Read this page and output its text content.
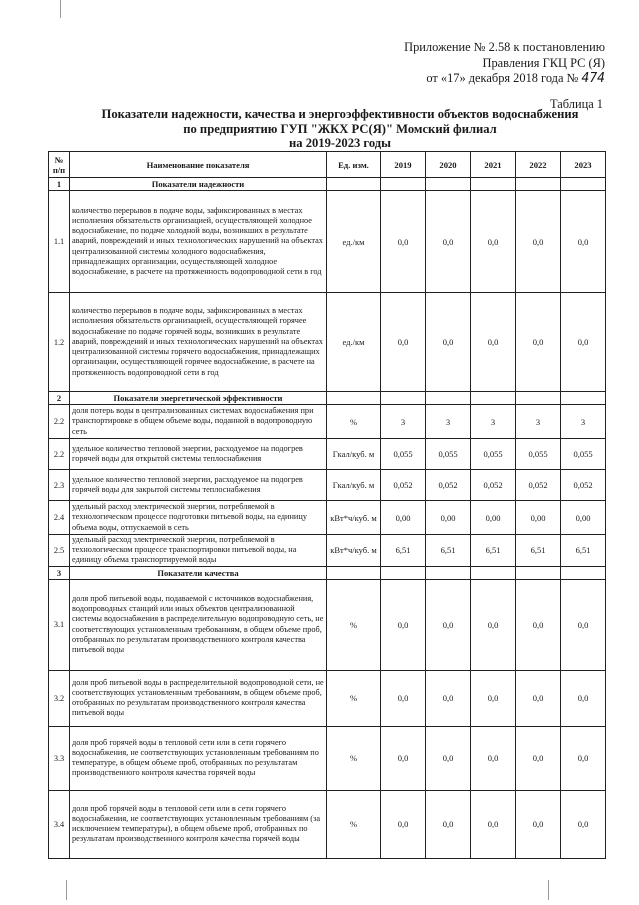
Приложение № 2.58 к постановлению
Правления ГКЦ РС (Я)
от «17» декабря 2018 года № 474
Таблица 1
Показатели надежности, качества и энергоэффективности объектов водоснабжения
по предприятию ГУП "ЖКХ РС(Я)" Момский филиал
на 2019-2023 годы
№ п/п	Наименование показателя	Ед. изм.	2019	2020	2021	2022	2023
1	Показатели надежности						
1.1	количество перерывов в подаче воды, зафиксированных в местах исполнения обязательств организацией, осуществляющей холодное водоснабжение, по подаче холодной воды, возникших в результате аварий, повреждений и иных технологических нарушений на объектах централизованной системы холодного водоснабжения, принадлежащих организации, осуществляющей холодное водоснабжение, в расчете на протяженность водопроводной сети в год	ед./км	0,0	0,0	0,0	0,0	0,0
1.2	количество перерывов в подаче воды, зафиксированных в местах исполнения обязательств организацией, осуществляющей горячее водоснабжение по подаче горячей воды, возникших в результате аварий, повреждений и иных технологических нарушений на объектах централизованной системы горячего водоснабжения, принадлежащих организации, осуществляющей горячее водоснабжение, в расчете на протяженность водопроводной сети в год	ед./км	0,0	0,0	0,0	0,0	0,0
2	Показатели энергетической эффективности						
2.2	доля потерь воды в централизованных системах водоснабжения при транспортировке в общем объеме воды, поданной в водопроводную сеть	%	3	3	3	3	3
2.2	удельное количество тепловой энергии, расходуемое на подогрев горячей воды для открытой системы теплоснабжения	Гкал/куб. м	0,055	0,055	0,055	0,055	0,055
2.3	удельное количество тепловой энергии, расходуемое на подогрев горячей воды для закрытой системы теплоснабжения	Гкал/куб. м	0,052	0,052	0,052	0,052	0,052
2.4	удельный расход электрической энергии, потребляемой в технологическом процессе подготовки питьевой воды, на единицу объема воды, отпускаемой в сеть	кВт*ч/куб. м	0,00	0,00	0,00	0,00	0,00
2.5	удельный расход электрической энергии, потребляемой в технологическом процессе транспортировки питьевой воды, на единицу объема транспортируемой воды	кВт*ч/куб. м	6,51	6,51	6,51	6,51	6,51
3	Показатели качества						
3.1	доля проб питьевой воды, подаваемой с источников водоснабжения, водопроводных станций или иных объектов централизованной системы водоснабжения в распределительную водопроводную сеть, не соответствующих установленным требованиям, в общем объеме проб, отобранных по результатам производственного контроля качества питьевой воды	%	0,0	0,0	0,0	0,0	0,0
3.2	доля проб питьевой воды в распределительной водопроводной сети, не соответствующих установленным требованиям, в общем объеме проб, отобранных по результатам производственного контроля качества питьевой воды	%	0,0	0,0	0,0	0,0	0,0
3.3	доля проб горячей воды в тепловой сети или в сети горячего водоснабжения, не соответствующих установленным требованиям по температуре, в общем объеме проб, отобранных по результатам производственного контроля качества горячей воды	%	0,0	0,0	0,0	0,0	0,0
3.4	доля проб горячей воды в тепловой сети или в сети горячего водоснабжения, не соответствующих установленным требованиям (за исключением температуры), в общем объеме проб, отобранных по результатам производственного контроля качества горячей воды	%	0,0	0,0	0,0	0,0	0,0
